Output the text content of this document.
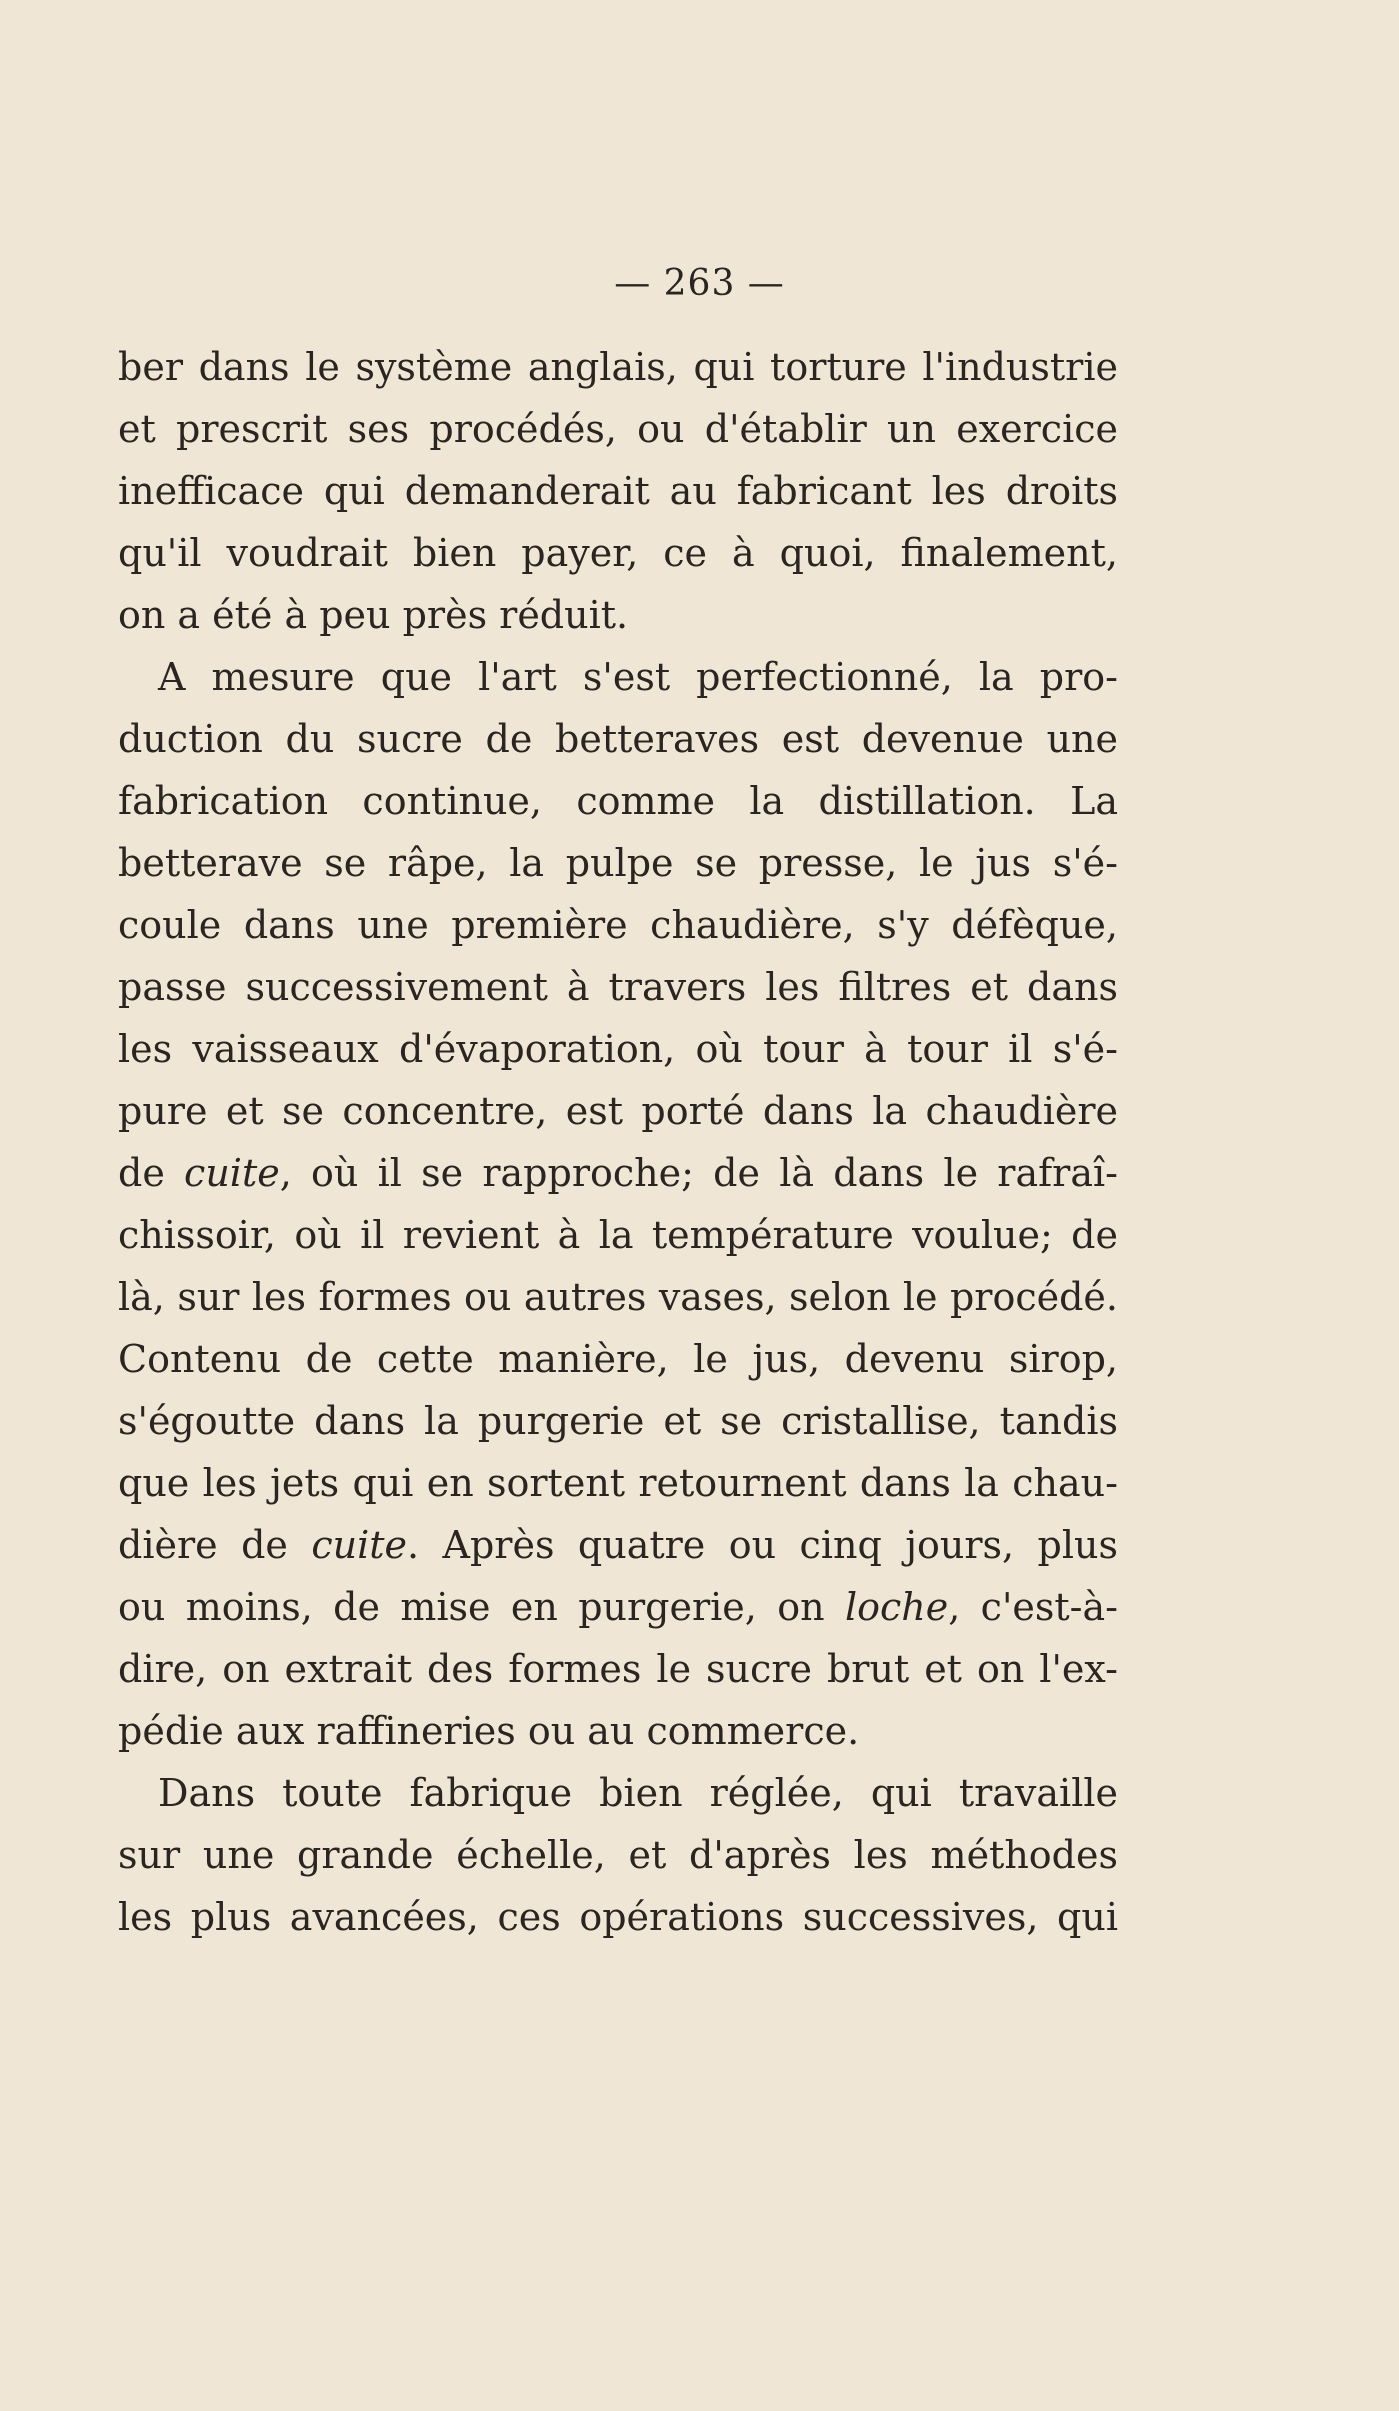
— 263 —
ber dans le système anglais, qui torture l'industrie
et prescrit ses procédés, ou d'établir un exercice
inefficace qui demanderait au fabricant les droits
qu'il voudrait bien payer, ce à quoi, finalement,
on a été à peu près réduit.
A mesure que l'art s'est perfectionné, la pro-
duction du sucre de betteraves est devenue une
fabrication continue, comme la distillation. La
betterave se râpe, la pulpe se presse, le jus s'é-
coule dans une première chaudière, s'y défèque,
passe successivement à travers les filtres et dans
les vaisseaux d'évaporation, où tour à tour il s'é-
pure et se concentre, est porté dans la chaudière
de cuite, où il se rapproche; de là dans le rafraî-
chissoir, où il revient à la température voulue; de
là, sur les formes ou autres vases, selon le procédé.
Contenu de cette manière, le jus, devenu sirop,
s'égoutte dans la purgerie et se cristallise, tandis
que les jets qui en sortent retournent dans la chau-
dière de cuite. Après quatre ou cinq jours, plus
ou moins, de mise en purgerie, on loche, c'est-à-
dire, on extrait des formes le sucre brut et on l'ex-
pédie aux raffineries ou au commerce.
Dans toute fabrique bien réglée, qui travaille
sur une grande échelle, et d'après les méthodes
les plus avancées, ces opérations successives, qui
